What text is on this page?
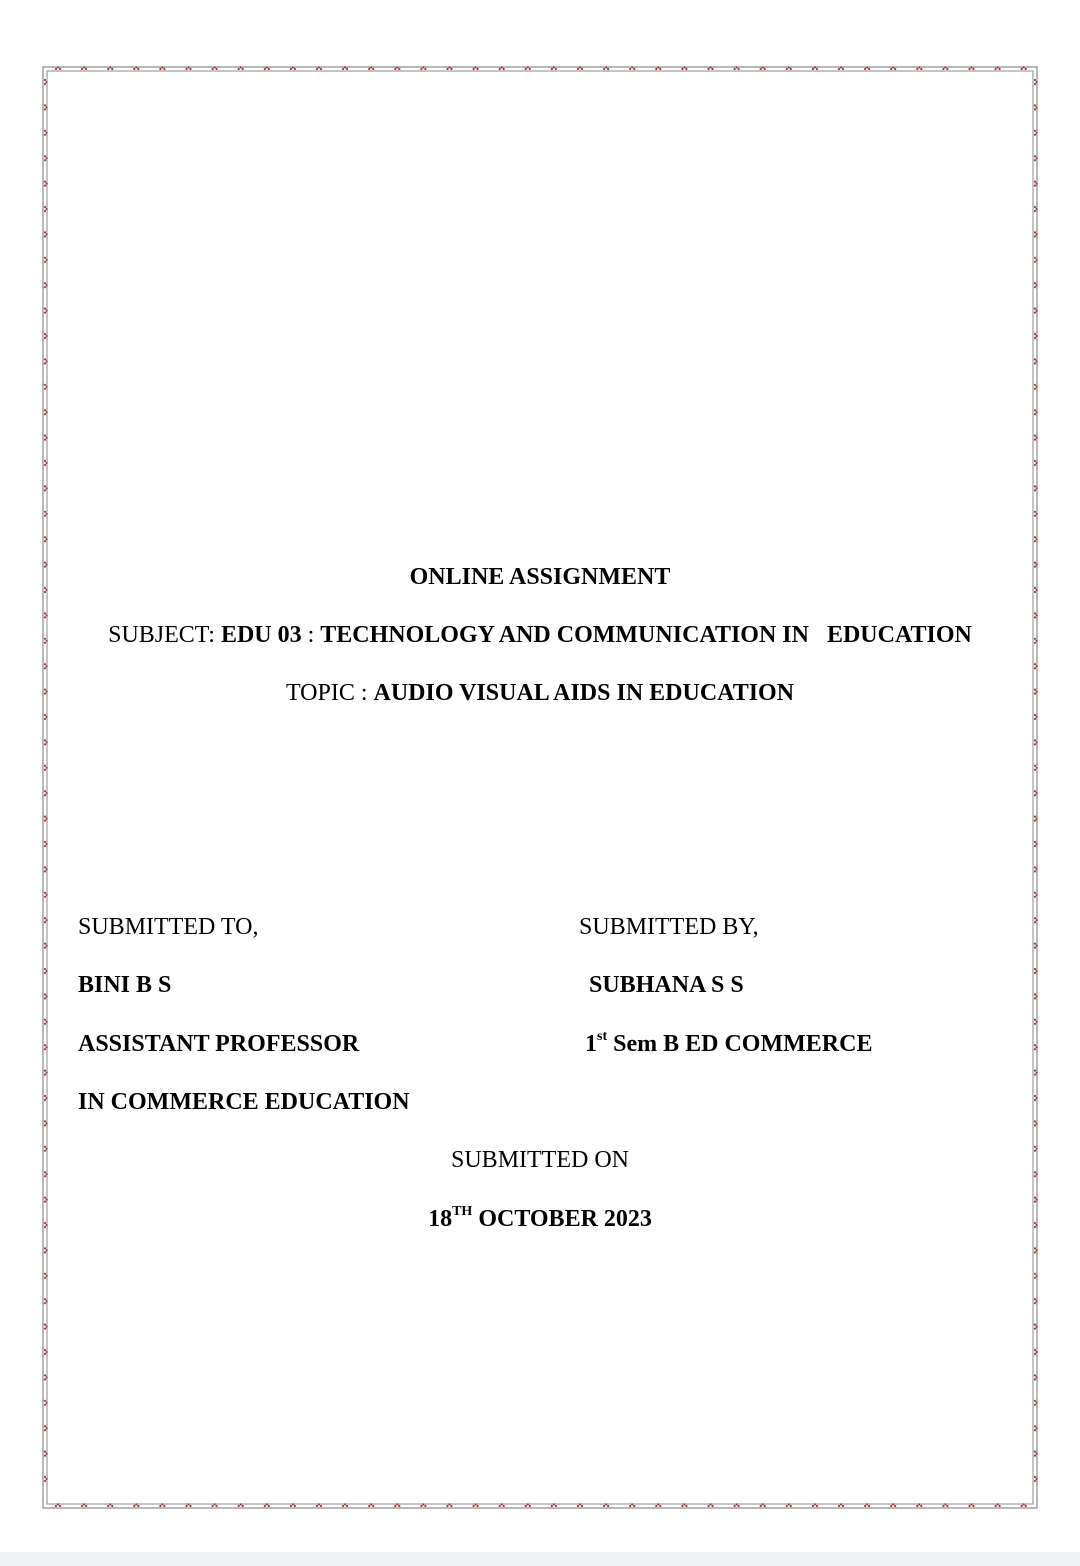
ONLINE ASSIGNMENT
SUBJECT: EDU 03 : TECHNOLOGY AND COMMUNICATION IN   EDUCATION
TOPIC : AUDIO VISUAL AIDS IN EDUCATION
SUBMITTED TO,
BINI B S
ASSISTANT PROFESSOR
IN COMMERCE EDUCATION
SUBMITTED BY,
SUBHANA S S
1st Sem B ED COMMERCE
SUBMITTED ON
18TH OCTOBER 2023
